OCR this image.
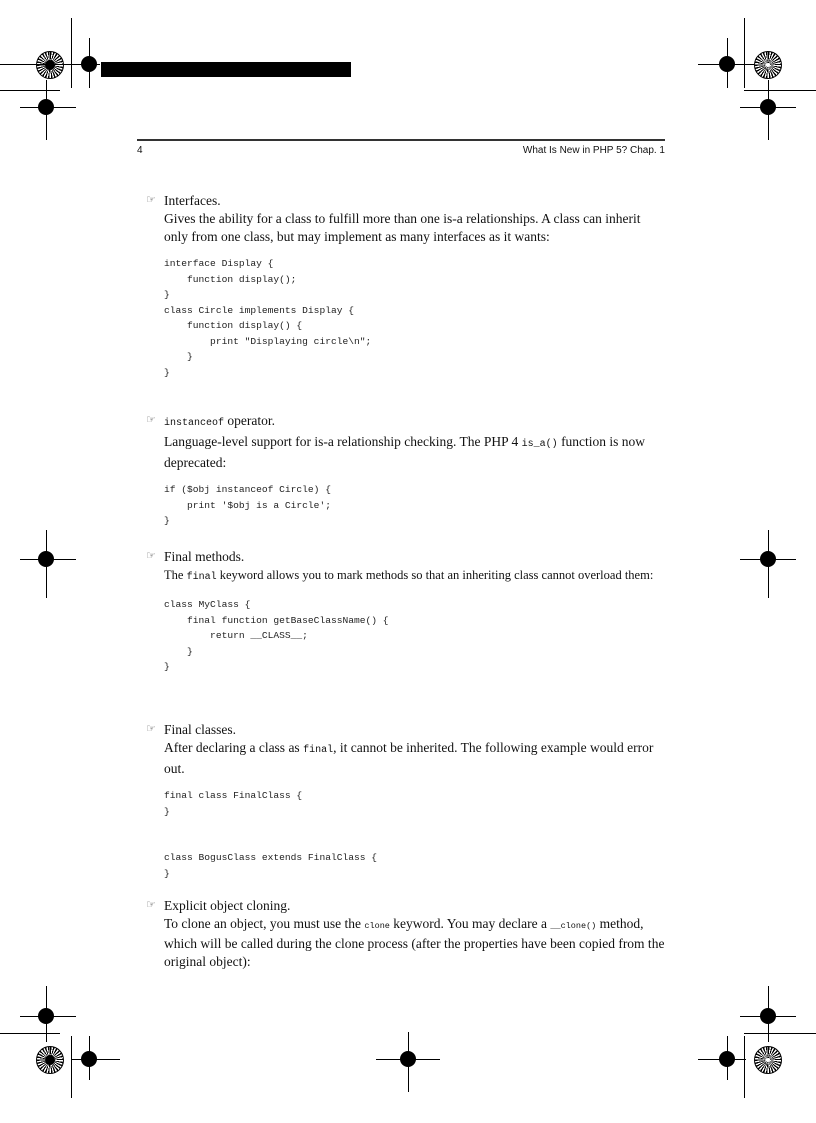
4	What Is New in PHP 5? Chap. 1
☞ Interfaces.
Gives the ability for a class to fulfill more than one is-a relationships. A class can inherit only from one class, but may implement as many interfaces as it wants:
interface Display {
function display();
}
class Circle implements Display {
function display() {
print "Displaying circle\n";
}
}
☞ instanceof operator.
Language-level support for is-a relationship checking. The PHP 4 is_a() function is now deprecated:
if ($obj instanceof Circle) {
print '$obj is a Circle';
}
☞ Final methods.
The final keyword allows you to mark methods so that an inheriting class cannot overload them:
class MyClass {
final function getBaseClassName() {
return __CLASS__;
}
}
☞ Final classes.
After declaring a class as final, it cannot be inherited. The following example would error out.
final class FinalClass {
}

class BogusClass extends FinalClass {
}
☞ Explicit object cloning.
To clone an object, you must use the clone keyword. You may declare a __clone() method, which will be called during the clone process (after the properties have been copied from the original object):
